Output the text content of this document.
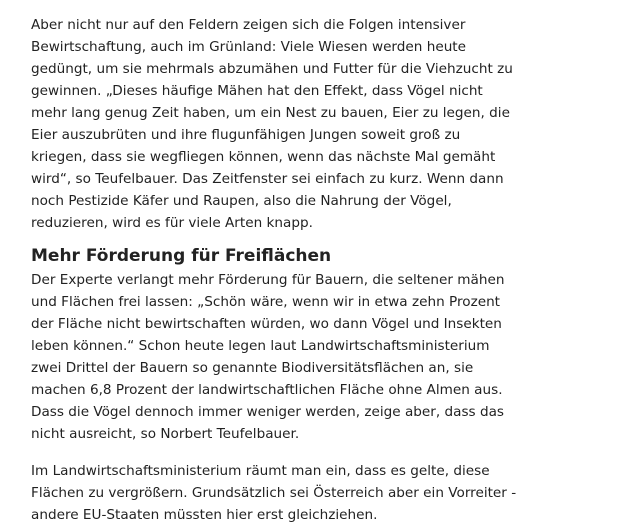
Aber nicht nur auf den Feldern zeigen sich die Folgen intensiver
Bewirtschaftung, auch im Grünland: Viele Wiesen werden heute
gedüngt, um sie mehrmals abzumähen und Futter für die Viehzucht zu
gewinnen. „Dieses häufige Mähen hat den Effekt, dass Vögel nicht
mehr lang genug Zeit haben, um ein Nest zu bauen, Eier zu legen, die
Eier auszubrüten und ihre flugunfähigen Jungen soweit groß zu
kriegen, dass sie wegfliegen können, wenn das nächste Mal gemäht
wird“, so Teufelbauer. Das Zeitfenster sei einfach zu kurz. Wenn dann
noch Pestizide Käfer und Raupen, also die Nahrung der Vögel,
reduzieren, wird es für viele Arten knapp.

Mehr Förderung für Freiflächen

Der Experte verlangt mehr Förderung für Bauern, die seltener mähen
und Flächen frei lassen: „Schön wäre, wenn wir in etwa zehn Prozent
der Fläche nicht bewirtschaften würden, wo dann Vögel und Insekten
leben können.“ Schon heute legen laut Landwirtschaftsministerium
zwei Drittel der Bauern so genannte Biodiversitätsflächen an, sie
machen 6,8 Prozent der landwirtschaftlichen Fläche ohne Almen aus.
Dass die Vögel dennoch immer weniger werden, zeige aber, dass das
nicht ausreicht, so Norbert Teufelbauer.

Im Landwirtschaftsministerium räumt man ein, dass es gelte, diese
Flächen zu vergrößern. Grundsätzlich sei Österreich aber ein Vorreiter -
andere EU-Staaten müssten hier erst gleichziehen.
